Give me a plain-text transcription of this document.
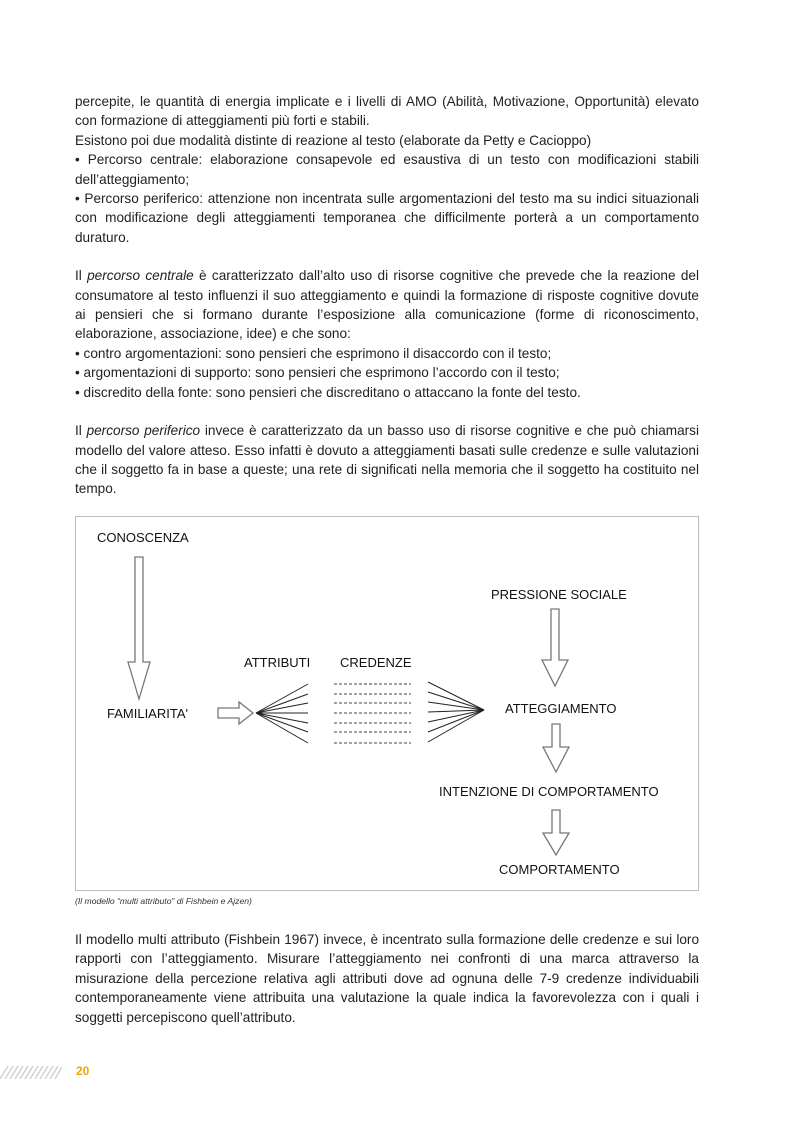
percepite, le quantità di energia implicate e i livelli di AMO (Abilità, Motivazione, Opportunità) elevato con formazione di atteggiamenti più forti e stabili.

Esistono poi due modalità distinte di reazione al testo (elaborate da Petty e Cacioppo)

• Percorso centrale: elaborazione consapevole ed esaustiva di un testo con modificazioni stabili dell’atteggiamento;

• Percorso periferico: attenzione non incentrata sulle argomentazioni del testo ma su indici situazionali con modificazione degli atteggiamenti temporanea che difficilmente porterà a un comportamento duraturo.

Il percorso centrale è caratterizzato dall’alto uso di risorse cognitive che prevede che la reazione del consumatore al testo influenzi il suo atteggiamento e quindi la formazione di risposte cognitive dovute ai pensieri che si formano durante l’esposizione alla comunicazione (forme di riconoscimento, elaborazione, associazione, idee) e che sono:

• contro argomentazioni: sono pensieri che esprimono il disaccordo con il testo;

• argomentazioni di supporto: sono pensieri che esprimono l’accordo con il testo;

• discredito della fonte: sono pensieri che discreditano o attaccano la fonte del testo.

Il percorso periferico invece è caratterizzato da un basso uso di risorse cognitive e che può chiamarsi modello del valore atteso. Esso infatti è dovuto a atteggiamenti basati sulle credenze e sulle valutazioni che il soggetto fa in base a queste; una rete di significati nella memoria che il soggetto ha costituito nel tempo.

CONOSCENZA
FAMILIARITA'
ATTRIBUTI CREDENZE
PRESSIONE SOCIALE
ATTEGGIAMENTO
INTENZIONE DI COMPORTAMENTO
COMPORTAMENTO
(Il modello “multi attributo” di Fishbein e Ajzen)

Il modello multi attributo (Fishbein 1967) invece, è incentrato sulla formazione delle credenze e sui loro rapporti con l’atteggiamento. Misurare l’atteggiamento nei confronti di una marca attraverso la misurazione della percezione relativa agli attributi dove ad ognuna delle 7-9 credenze individuabili contemporaneamente viene attribuita una valutazione la quale indica la favorevolezza con i quali i soggetti percepiscono quell’attributo.

20
